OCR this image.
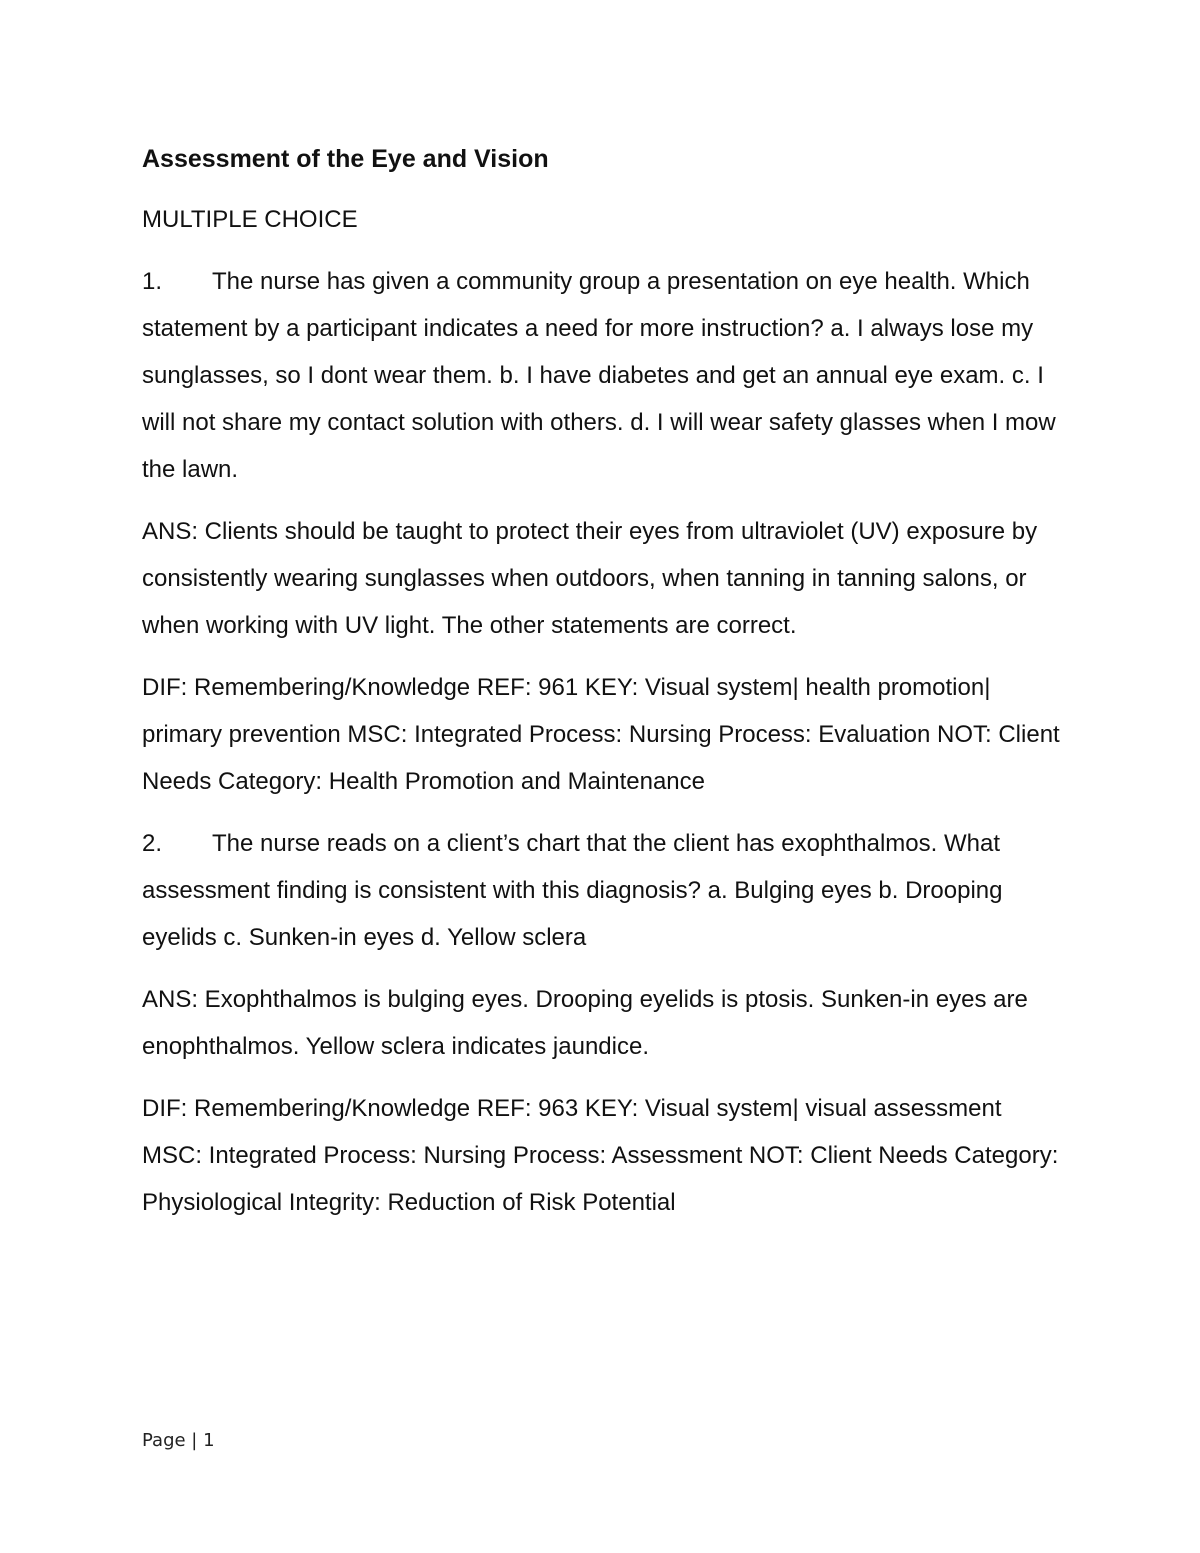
Assessment of the Eye and Vision
MULTIPLE CHOICE
1. The nurse has given a community group a presentation on eye health. Which statement by a participant indicates a need for more instruction? a. I always lose my sunglasses, so I dont wear them. b. I have diabetes and get an annual eye exam. c. I will not share my contact solution with others. d. I will wear safety glasses when I mow the lawn.
ANS: Clients should be taught to protect their eyes from ultraviolet (UV) exposure by consistently wearing sunglasses when outdoors, when tanning in tanning salons, or when working with UV light. The other statements are correct.
DIF: Remembering/Knowledge REF: 961 KEY: Visual system| health promotion| primary prevention MSC: Integrated Process: Nursing Process: Evaluation NOT: Client Needs Category: Health Promotion and Maintenance
2. The nurse reads on a client’s chart that the client has exophthalmos. What assessment finding is consistent with this diagnosis? a. Bulging eyes b. Drooping eyelids c. Sunken-in eyes d. Yellow sclera
ANS: Exophthalmos is bulging eyes. Drooping eyelids is ptosis. Sunken-in eyes are enophthalmos. Yellow sclera indicates jaundice.
DIF: Remembering/Knowledge REF: 963 KEY: Visual system| visual assessment MSC: Integrated Process: Nursing Process: Assessment NOT: Client Needs Category: Physiological Integrity: Reduction of Risk Potential
Page | 1
